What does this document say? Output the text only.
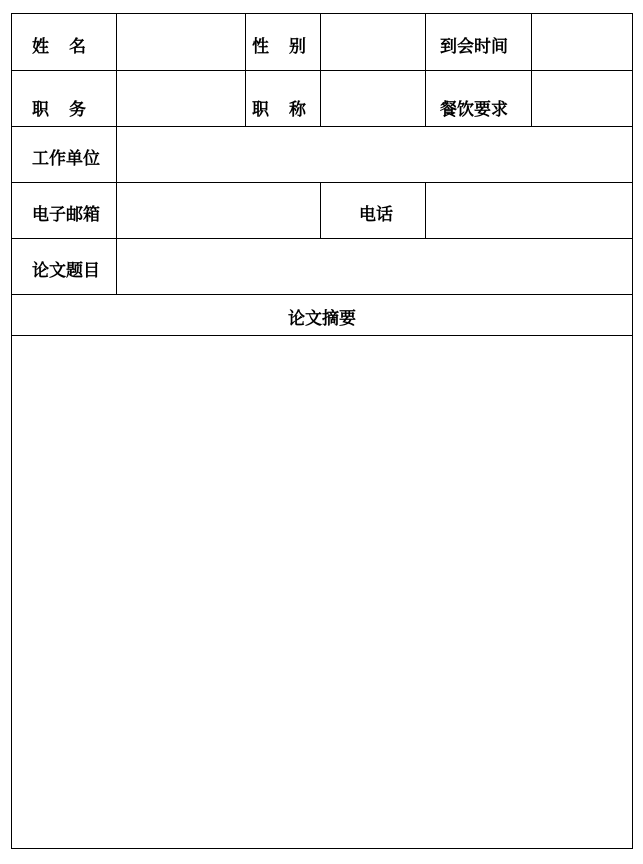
姓 名	性 别	到会时间
职 务	职 称	餐饮要求
工作单位
电子邮箱	电话
论文题目
论文摘要
